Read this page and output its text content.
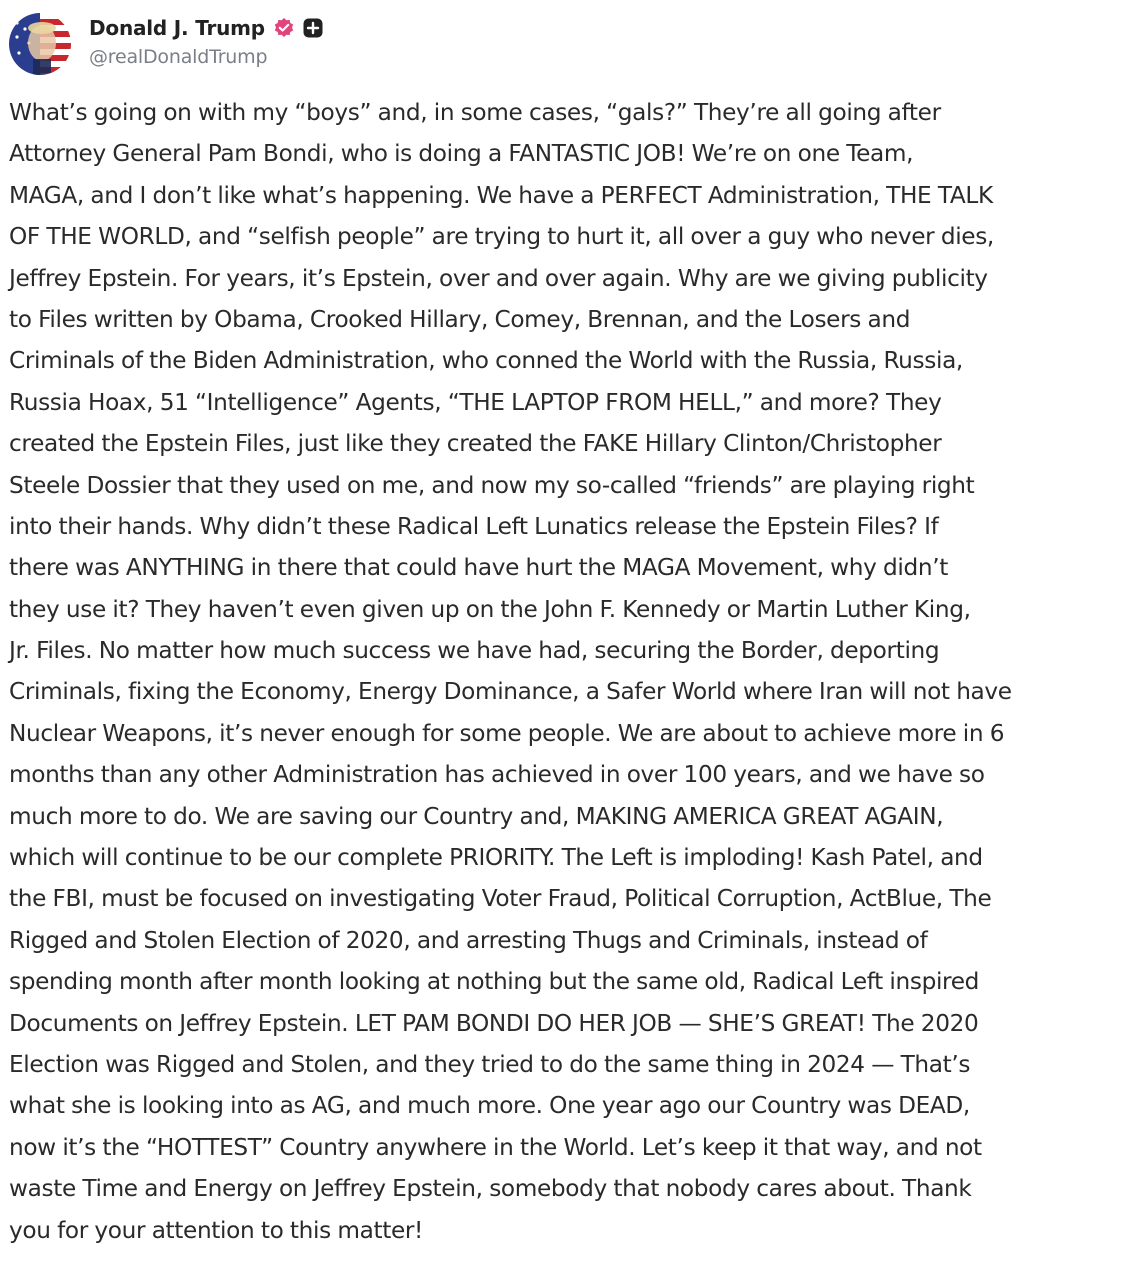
Donald J. Trump
@realDonaldTrump
What’s going on with my “boys” and, in some cases, “gals?” They’re all going after
Attorney General Pam Bondi, who is doing a FANTASTIC JOB! We’re on one Team,
MAGA, and I don’t like what’s happening. We have a PERFECT Administration, THE TALK
OF THE WORLD, and “selfish people” are trying to hurt it, all over a guy who never dies,
Jeffrey Epstein. For years, it’s Epstein, over and over again. Why are we giving publicity
to Files written by Obama, Crooked Hillary, Comey, Brennan, and the Losers and
Criminals of the Biden Administration, who conned the World with the Russia, Russia,
Russia Hoax, 51 “Intelligence” Agents, “THE LAPTOP FROM HELL,” and more? They
created the Epstein Files, just like they created the FAKE Hillary Clinton/Christopher
Steele Dossier that they used on me, and now my so-called “friends” are playing right
into their hands. Why didn’t these Radical Left Lunatics release the Epstein Files? If
there was ANYTHING in there that could have hurt the MAGA Movement, why didn’t
they use it? They haven’t even given up on the John F. Kennedy or Martin Luther King,
Jr. Files. No matter how much success we have had, securing the Border, deporting
Criminals, fixing the Economy, Energy Dominance, a Safer World where Iran will not have
Nuclear Weapons, it’s never enough for some people. We are about to achieve more in 6
months than any other Administration has achieved in over 100 years, and we have so
much more to do. We are saving our Country and, MAKING AMERICA GREAT AGAIN,
which will continue to be our complete PRIORITY. The Left is imploding! Kash Patel, and
the FBI, must be focused on investigating Voter Fraud, Political Corruption, ActBlue, The
Rigged and Stolen Election of 2020, and arresting Thugs and Criminals, instead of
spending month after month looking at nothing but the same old, Radical Left inspired
Documents on Jeffrey Epstein. LET PAM BONDI DO HER JOB — SHE’S GREAT! The 2020
Election was Rigged and Stolen, and they tried to do the same thing in 2024 — That’s
what she is looking into as AG, and much more. One year ago our Country was DEAD,
now it’s the “HOTTEST” Country anywhere in the World. Let’s keep it that way, and not
waste Time and Energy on Jeffrey Epstein, somebody that nobody cares about. Thank
you for your attention to this matter!
